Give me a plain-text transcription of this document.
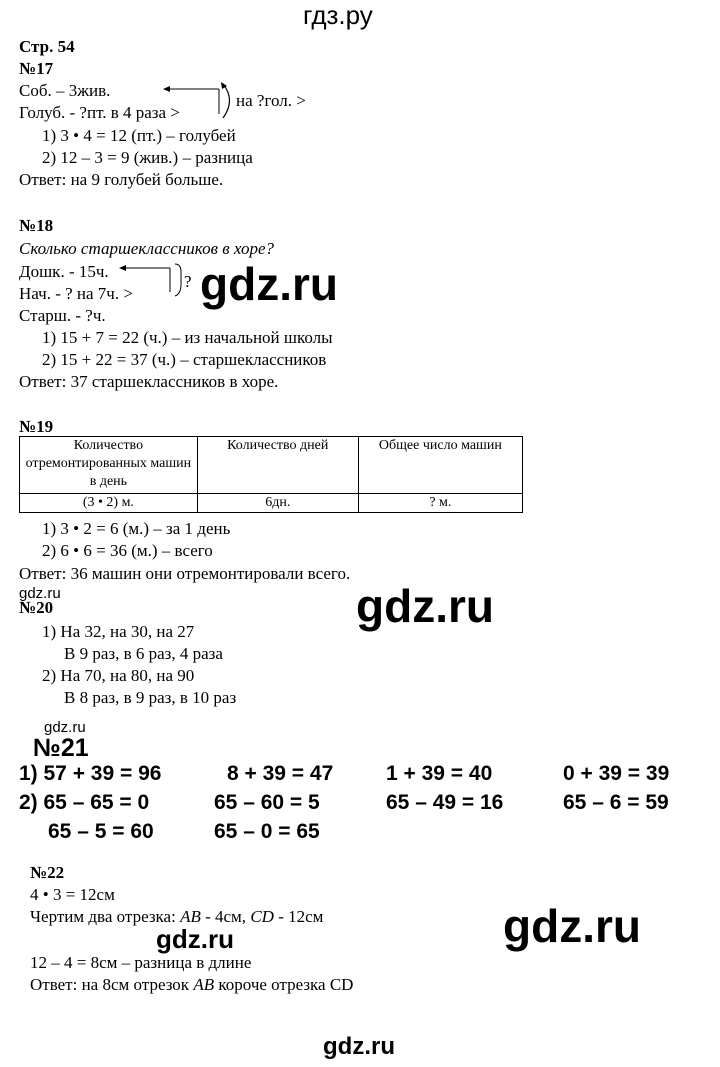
гдз.ру
Стр. 54
№17
Соб. – 3жив.
Голуб. - ?пт. в 4 раза >
на ?гол. >
1) 3 • 4 = 12 (пт.) – голубей
2) 12 – 3 = 9 (жив.) – разница
Ответ: на 9 голубей больше.
№18
Сколько старшеклассников в хоре?
Дошк. - 15ч.
Нач. - ? на 7ч. >
?
Старш. - ?ч.
1) 15 + 7 = 22 (ч.) – из начальной школы
2) 15 + 22 = 37 (ч.) – старшеклассников
Ответ: 37 старшеклассников в хоре.
№19
Количество отремонтированных машин в день	Количество дней	Общее число машин
(3 • 2) м.	6дн.	? м.
1) 3 • 2 = 6 (м.) – за 1 день
2) 6 • 6 = 36 (м.) – всего
Ответ: 36 машин они отремонтировали всего.
gdz.ru	gdz.ru
gdz.ru
№20
1) На 32, на 30, на 27
В 9 раз, в 6 раз, 4 раза
2) На 70, на 80, на 90
В 8 раз, в 9 раз, в 10 раз
gdz.ru
№21
1) 57 + 39 = 96	8 + 39 = 47	1 + 39 = 40	0 + 39 = 39
2) 65 – 65 = 0	65 – 60 = 5	65 – 49 = 16	65 – 6 = 59
65 – 5 = 60	65 – 0 = 65
№22
4 • 3 = 12см
Чертим два отрезка: AB - 4см, CD - 12см
gdz.ru
12 – 4 = 8см – разница в длине
Ответ: на 8см отрезок AB короче отрезка CD
gdz.ru
gdz.ru
